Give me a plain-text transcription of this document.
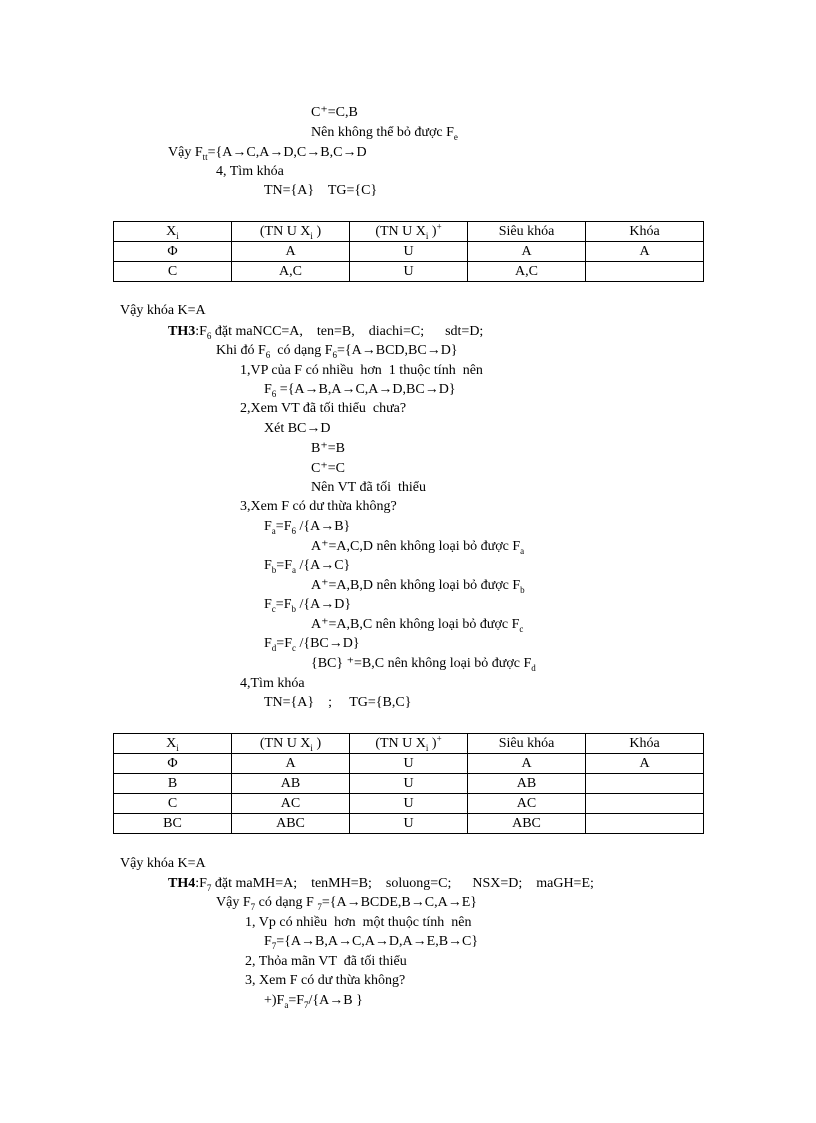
C⁺=C,B
Nên không thể bỏ được $F_e$
Vậy $F_{tt}=\{A\to C,A\to D,C\to B,C\to D$
4, Tìm khóa
TN={A}    TG={C}
$X_i$	(TN U $X_i$ )	(TN U $X_i$ )+	Siêu khóa	Khóa
Φ	A	U	A	A
C	A,C	U	A,C	
Vậy khóa K=A
$TH3:F_6$ đặt maNCC=A,    ten=B,    diachi=C;      sdt=D;
Khi đó $F_6$  có dạng $F_6=\{A\to BCD,BC\to D\}$
1,VP của F có nhiều  hơn  1 thuộc tính  nên
$F_6 =\{A\to B,A\to C,A\to D,BC\to D\}$
2,Xem VT đã tối thiểu  chưa?
Xét BC→D
B⁺=B
C⁺=C
Nên VT đã tối  thiểu
3,Xem F có dư thừa không?
$F_a=F_6$ /{A→B}
A⁺=A,C,D nên không loại bỏ được $F_a$
$F_b=F_a$ /{A→C}
A⁺=A,B,D nên không loại bỏ được $F_b$
$F_c=F_b$ /{A→D}
A⁺=A,B,C nên không loại bỏ được $F_c$
$F_d=F_c$ /{BC→D}
{BC} ⁺=B,C nên không loại bỏ được $F_d$
4,Tìm khóa
TN={A}    ;     TG={B,C}
$X_i$	(TN U $X_i$ )	(TN U $X_i$ )+	Siêu khóa	Khóa
Φ	A	U	A	A
B	AB	U	AB	
C	AC	U	AC	
BC	ABC	U	ABC	
Vậy khóa K=A
$TH4:F_7$ đặt maMH=A;    tenMH=B;    soluong=C;      NSX=D;    maGH=E;
Vậy $F_7$ có dạng F $_7$={A→BCDE,B→C,A→E}
1, Vp có nhiều  hơn  một thuộc tính  nên
$F_7=\{A\to B,A\to C,A\to D,A\to E,B\to C\}$
2, Thỏa mãn VT  đã tối thiểu
3, Xem F có dư thừa không?
$+)F_a=F_7/\{A\to B$ }
